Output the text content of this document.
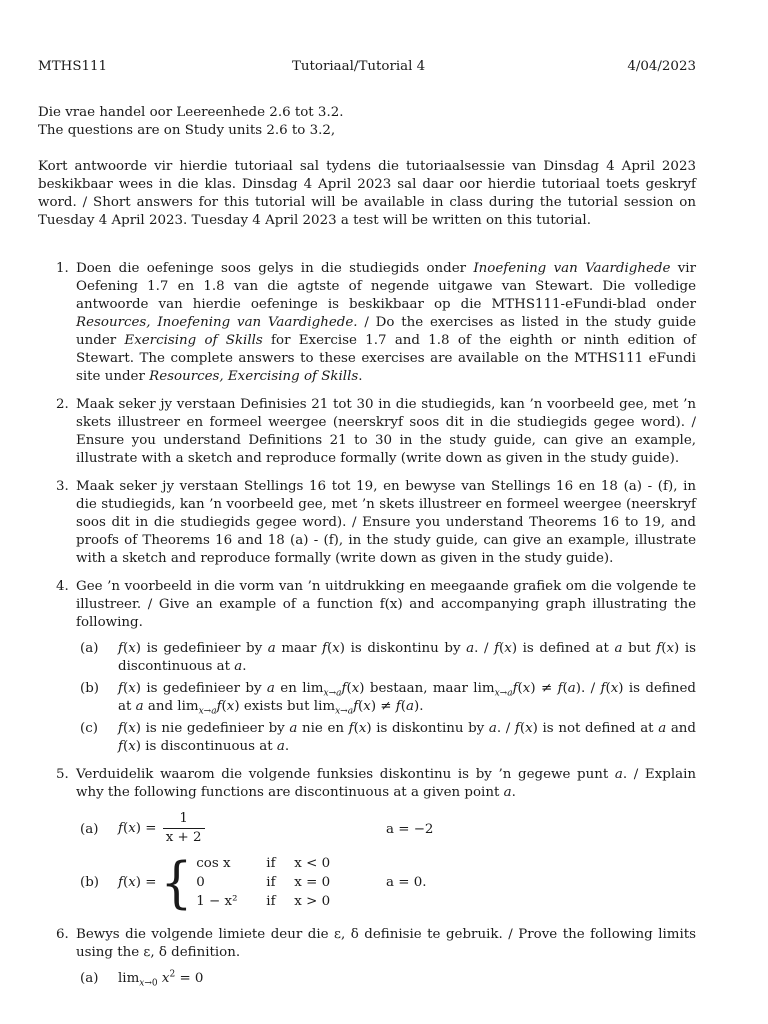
MTHS111	Tutoriaal/Tutorial 4	4/04/2023

Die vrae handel oor Leereenhede 2.6 tot 3.2.

The questions are on Study units 2.6 to 3.2,

Kort antwoorde vir hierdie tutoriaal sal tydens die tutoriaalsessie van Dinsdag 4 April 2023 beskikbaar wees in die klas. Dinsdag 4 April 2023 sal daar oor hierdie tutoriaal toets geskryf word. / Short answers for this tutorial will be available in class during the tutorial session on Tuesday 4 April 2023. Tuesday 4 April 2023 a test will be written on this tutorial.

1. Doen die oefeninge soos gelys in die studiegids onder Inoefening van Vaardighede vir Oefening 1.7 en 1.8 van die agtste of negende uitgawe van Stewart. Die volledige antwoorde van hierdie oefeninge is beskikbaar op die MTHS111-eFundi-blad onder Resources, Inoefening van Vaardighede. / Do the exercises as listed in the study guide under Exercising of Skills for Exercise 1.7 and 1.8 of the eighth or ninth edition of Stewart. The complete answers to these exercises are available on the MTHS111 eFundi site under Resources, Exercising of Skills.
2. Maak seker jy verstaan Definisies 21 tot 30 in die studiegids, kan ’n voorbeeld gee, met ’n skets illustreer en formeel weergee (neerskryf soos dit in die studiegids gegee word). / Ensure you understand Definitions 21 to 30 in the study guide, can give an example, illustrate with a sketch and reproduce formally (write down as given in the study guide).
3. Maak seker jy verstaan Stellings 16 tot 19, en bewyse van Stellings 16 en 18 (a) - (f), in die studiegids, kan ’n voorbeeld gee, met ’n skets illustreer en formeel weergee (neerskryf soos dit in die studiegids gegee word). / Ensure you understand Theorems 16 to 19, and proofs of Theorems 16 and 18 (a) - (f), in the study guide, can give an example, illustrate with a sketch and reproduce formally (write down as given in the study guide).
4. Gee ’n voorbeeld in die vorm van ’n uitdrukking en meegaande grafiek om die volgende te illustreer. / Give an example of a function f(x) and accompanying graph illustrating the following.
(a) f(x) is gedefinieer by a maar f(x) is diskontinu by a. / f(x) is defined at a but f(x) is discontinuous at a.
(b) f(x) is gedefinieer by a en $\lim_{x\to a}f(x)$ bestaan, maar $\lim_{x\to a}f(x) \ne f(a)$. / f(x) is defined at a and $\lim_{x\to a}f(x)$ exists but $\lim_{x\to a}f(x) \ne f(a)$.
(c) f(x) is nie gedefinieer by a nie en f(x) is diskontinu by a. / f(x) is not defined at a and f(x) is discontinuous at a.
5. Verduidelik waarom die volgende funksies diskontinu is by ’n gegewe punt a. / Explain why the following functions are discontinuous at a given point a.
(a) $f(x) = \frac{1}{x + 2}$	a = −2
(b) f(x) = { cos x	if	x < 0
0	if	x = 0
1 − x²	if	x > 0
a = 0.
6. Bewys die volgende limiete deur die ε, δ definisie te gebruik. / Prove the following limits using the ε, δ definition.
(a) $\lim_{x\to 0} x^2 = 0$
